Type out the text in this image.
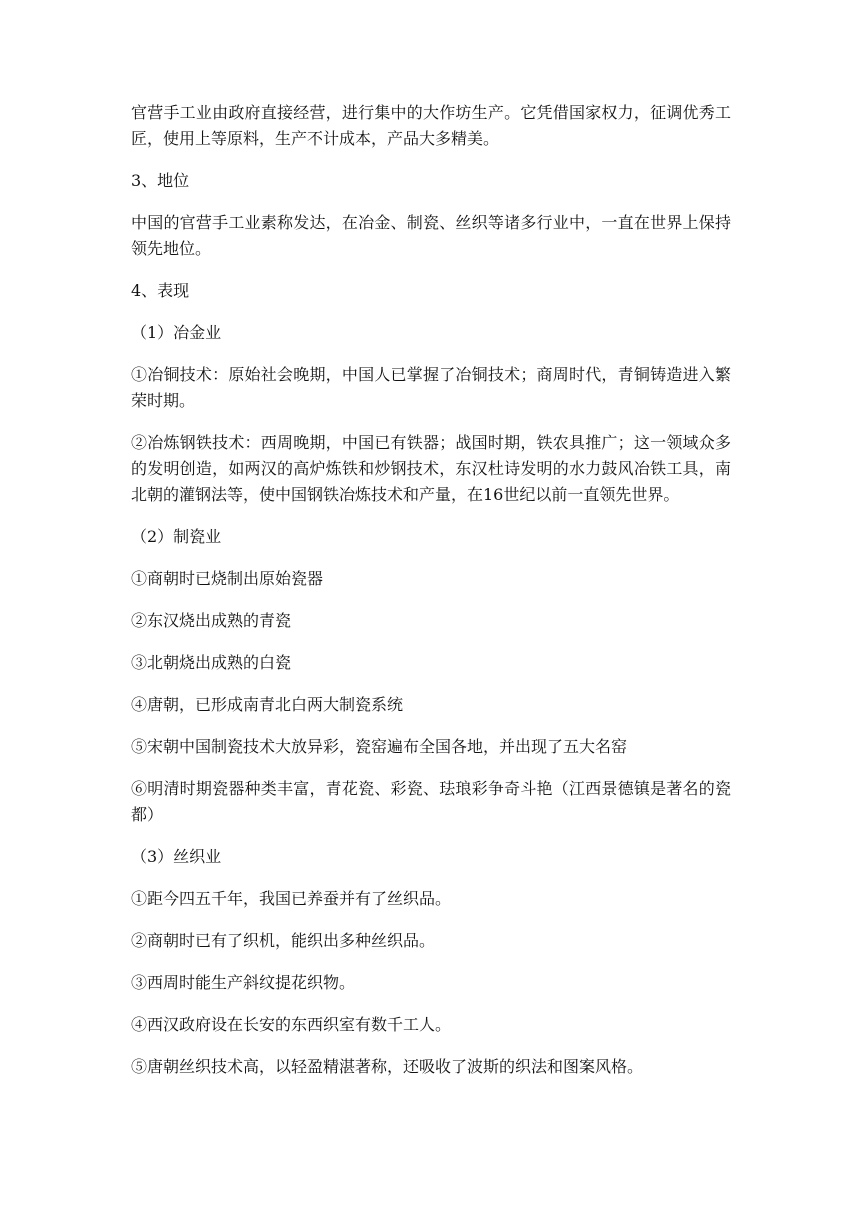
官营手工业由政府直接经营，进行集中的大作坊生产。它凭借国家权力，征调优秀工匠，使用上等原料，生产不计成本，产品大多精美。

3、地位

中国的官营手工业素称发达，在冶金、制瓷、丝织等诸多行业中，一直在世界上保持领先地位。

4、表现

（1）冶金业

①冶铜技术：原始社会晚期，中国人已掌握了冶铜技术；商周时代，青铜铸造进入繁荣时期。

②冶炼钢铁技术：西周晚期，中国已有铁器；战国时期，铁农具推广；这一领域众多的发明创造，如两汉的高炉炼铁和炒钢技术，东汉杜诗发明的水力鼓风冶铁工具，南北朝的灌钢法等，使中国钢铁冶炼技术和产量，在16世纪以前一直领先世界。

（2）制瓷业

①商朝时已烧制出原始瓷器

②东汉烧出成熟的青瓷

③北朝烧出成熟的白瓷

④唐朝，已形成南青北白两大制瓷系统

⑤宋朝中国制瓷技术大放异彩，瓷窑遍布全国各地，并出现了五大名窑

⑥明清时期瓷器种类丰富，青花瓷、彩瓷、珐琅彩争奇斗艳（江西景德镇是著名的瓷都）

（3）丝织业

①距今四五千年，我国已养蚕并有了丝织品。

②商朝时已有了织机，能织出多种丝织品。

③西周时能生产斜纹提花织物。

④西汉政府设在长安的东西织室有数千工人。

⑤唐朝丝织技术高，以轻盈精湛著称，还吸收了波斯的织法和图案风格。
